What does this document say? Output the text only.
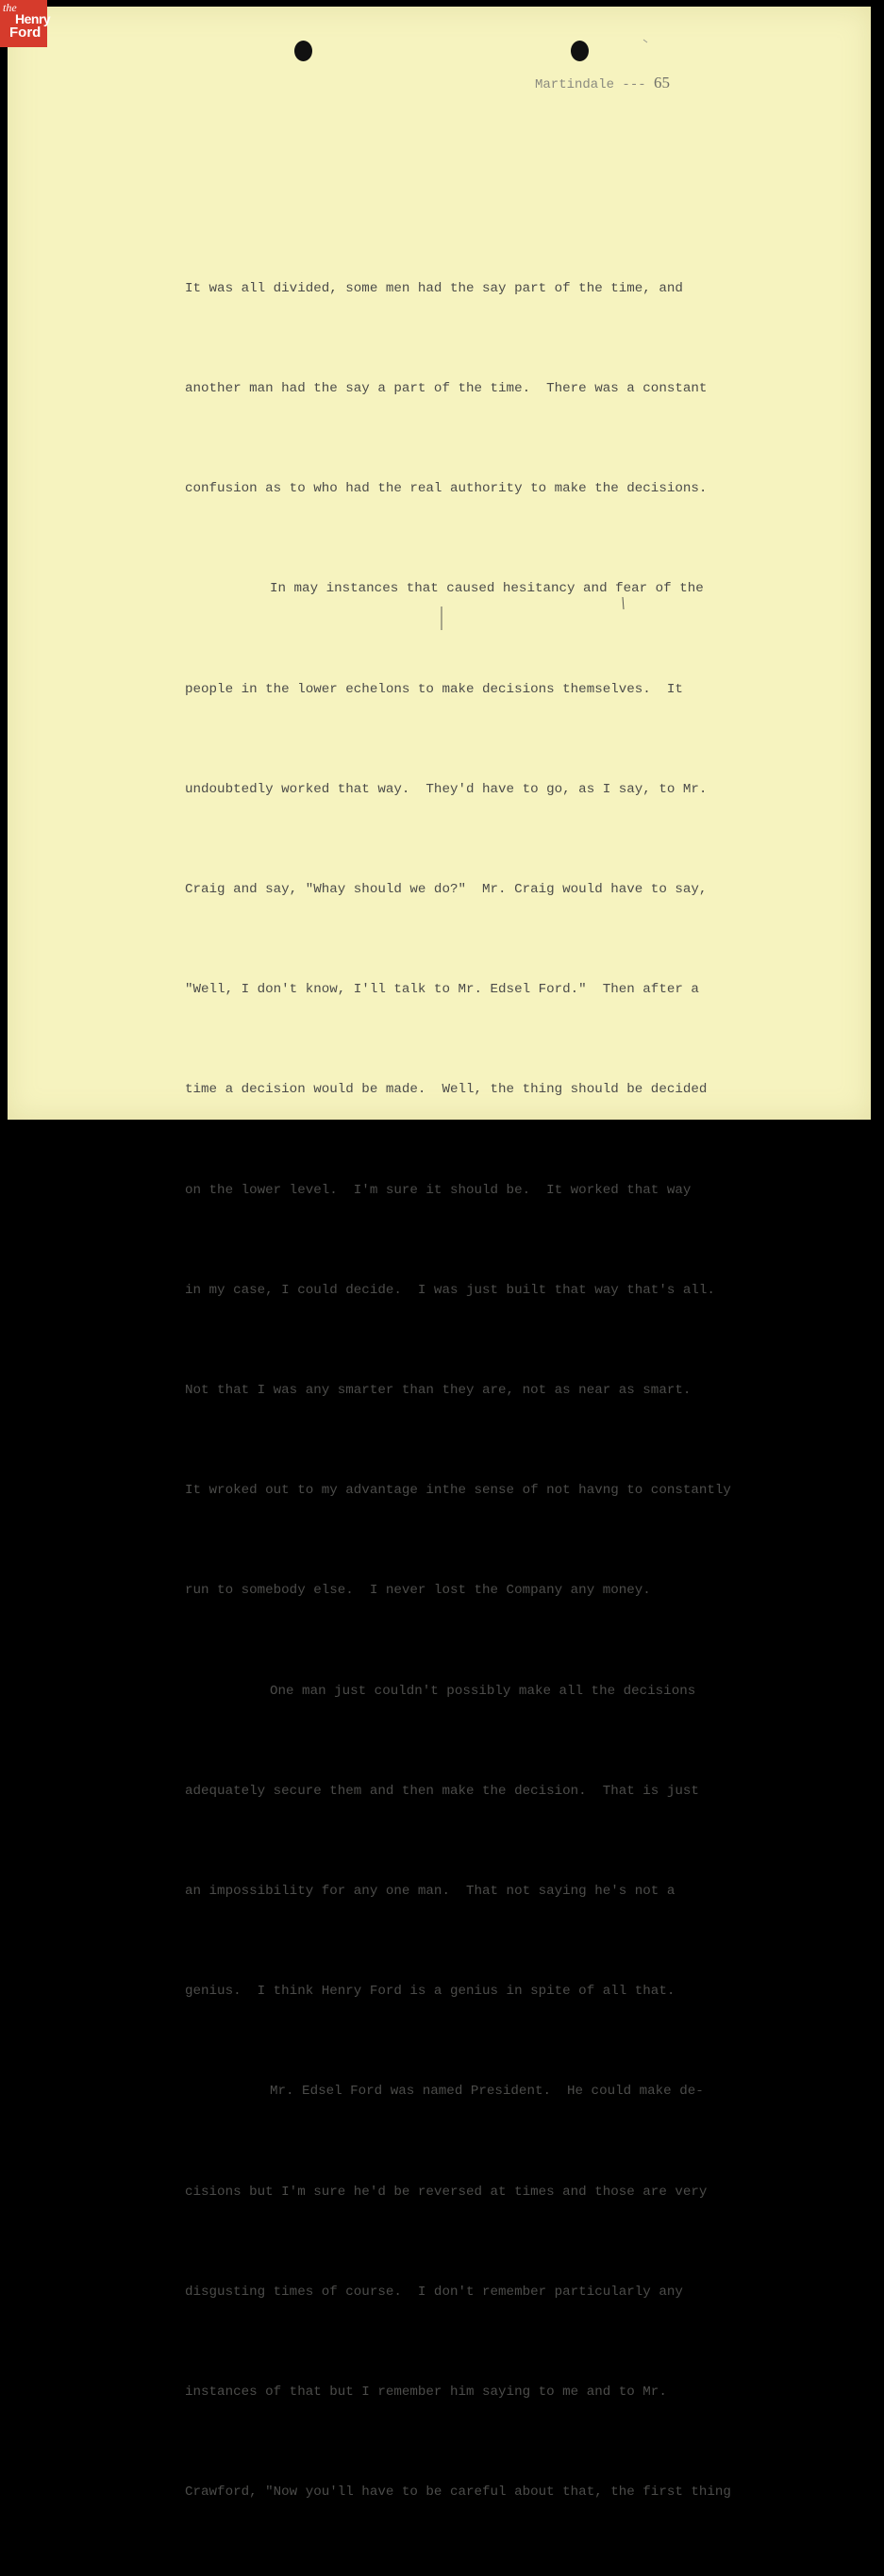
the
Henry
Ford
Martindale --- 65

It was all divided, some men had the say part of the time, and

another man had the say a part of the time.  There was a constant

confusion as to who had the real authority to make the decisions.

In may instances that caused hesitancy and fear of the

people in the lower echelons to make decisions themselves.  It

undoubtedly worked that way.  They'd have to go, as I say, to Mr.

Craig and say, "Whay should we do?"  Mr. Craig would have to say,

"Well, I don't know, I'll talk to Mr. Edsel Ford."  Then after a

time a decision would be made.  Well, the thing should be decided

on the lower level.  I'm sure it should be.  It worked that way

in my case, I could decide.  I was just built that way that's all.

Not that I was any smarter than they are, not as near as smart.

It wroked out to my advantage inthe sense of not havng to constantly

run to somebody else.  I never lost the Company any money.

One man just couldn't possibly make all the decisions

adequately secure them and then make the decision.  That is just

an impossibility for any one man.  That not saying he's not a

genius.  I think Henry Ford is a genius in spite of all that.

Mr. Edsel Ford was named President.  He could make de-

cisions but I'm sure he'd be reversed at times and those are very

disgusting times of course.  I don't remember particularly any

instances of that but I remember him saying to me and to Mr.

Crawford, "Now you'll have to be careful about that, the first thing
